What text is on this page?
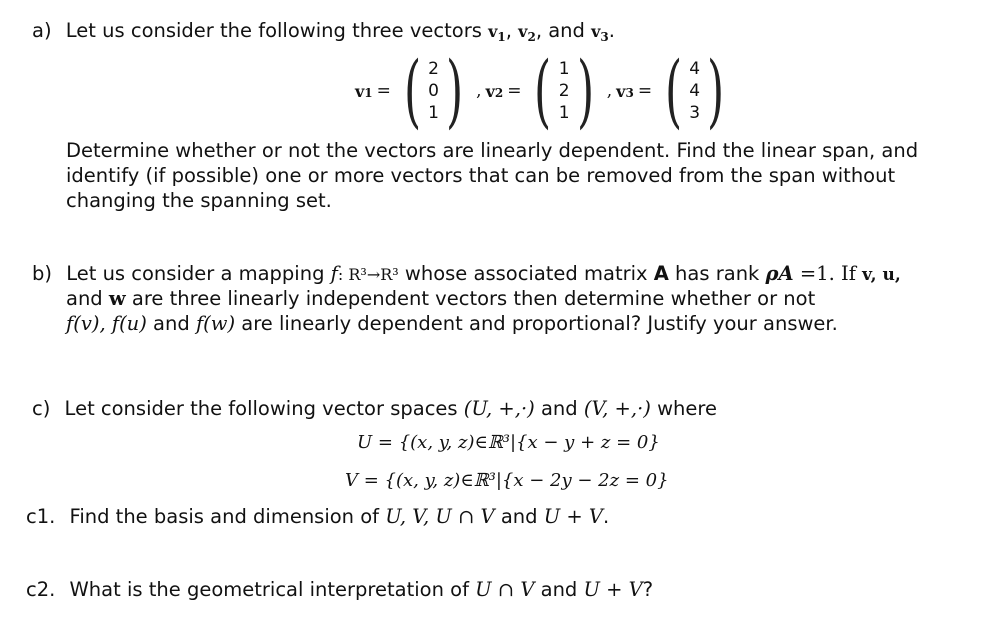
a) Let us consider the following three vectors $v_1$, $v_2$, and $v_3$.
v 1 = ( 2
0
1 ) , v 2 = ( 1
2
1 ) , v 3 = ( 4
4
3 )
Determine whether or not the vectors are linearly dependent. Find the linear span, and
identify (if possible) one or more vectors that can be removed from the span without
changing the spanning set.
b) Let us consider a mapping f: R³→R³ whose associated matrix A has rank ρA =1. If v, u,
and w are three linearly independent vectors then determine whether or not
f(v), f(u) and f(w) are linearly dependent and proportional? Justify your answer.
c) Let consider the following vector spaces (U, +,·) and (V, +,·) where
U = {(x, y, z)∈ℝ³|{x − y + z = 0}
V = {(x, y, z)∈ℝ³|{x − 2y − 2z = 0}
c1. Find the basis and dimension of U, V, U ∩ V and U + V.
c2. What is the geometrical interpretation of U ∩ V and U + V?
